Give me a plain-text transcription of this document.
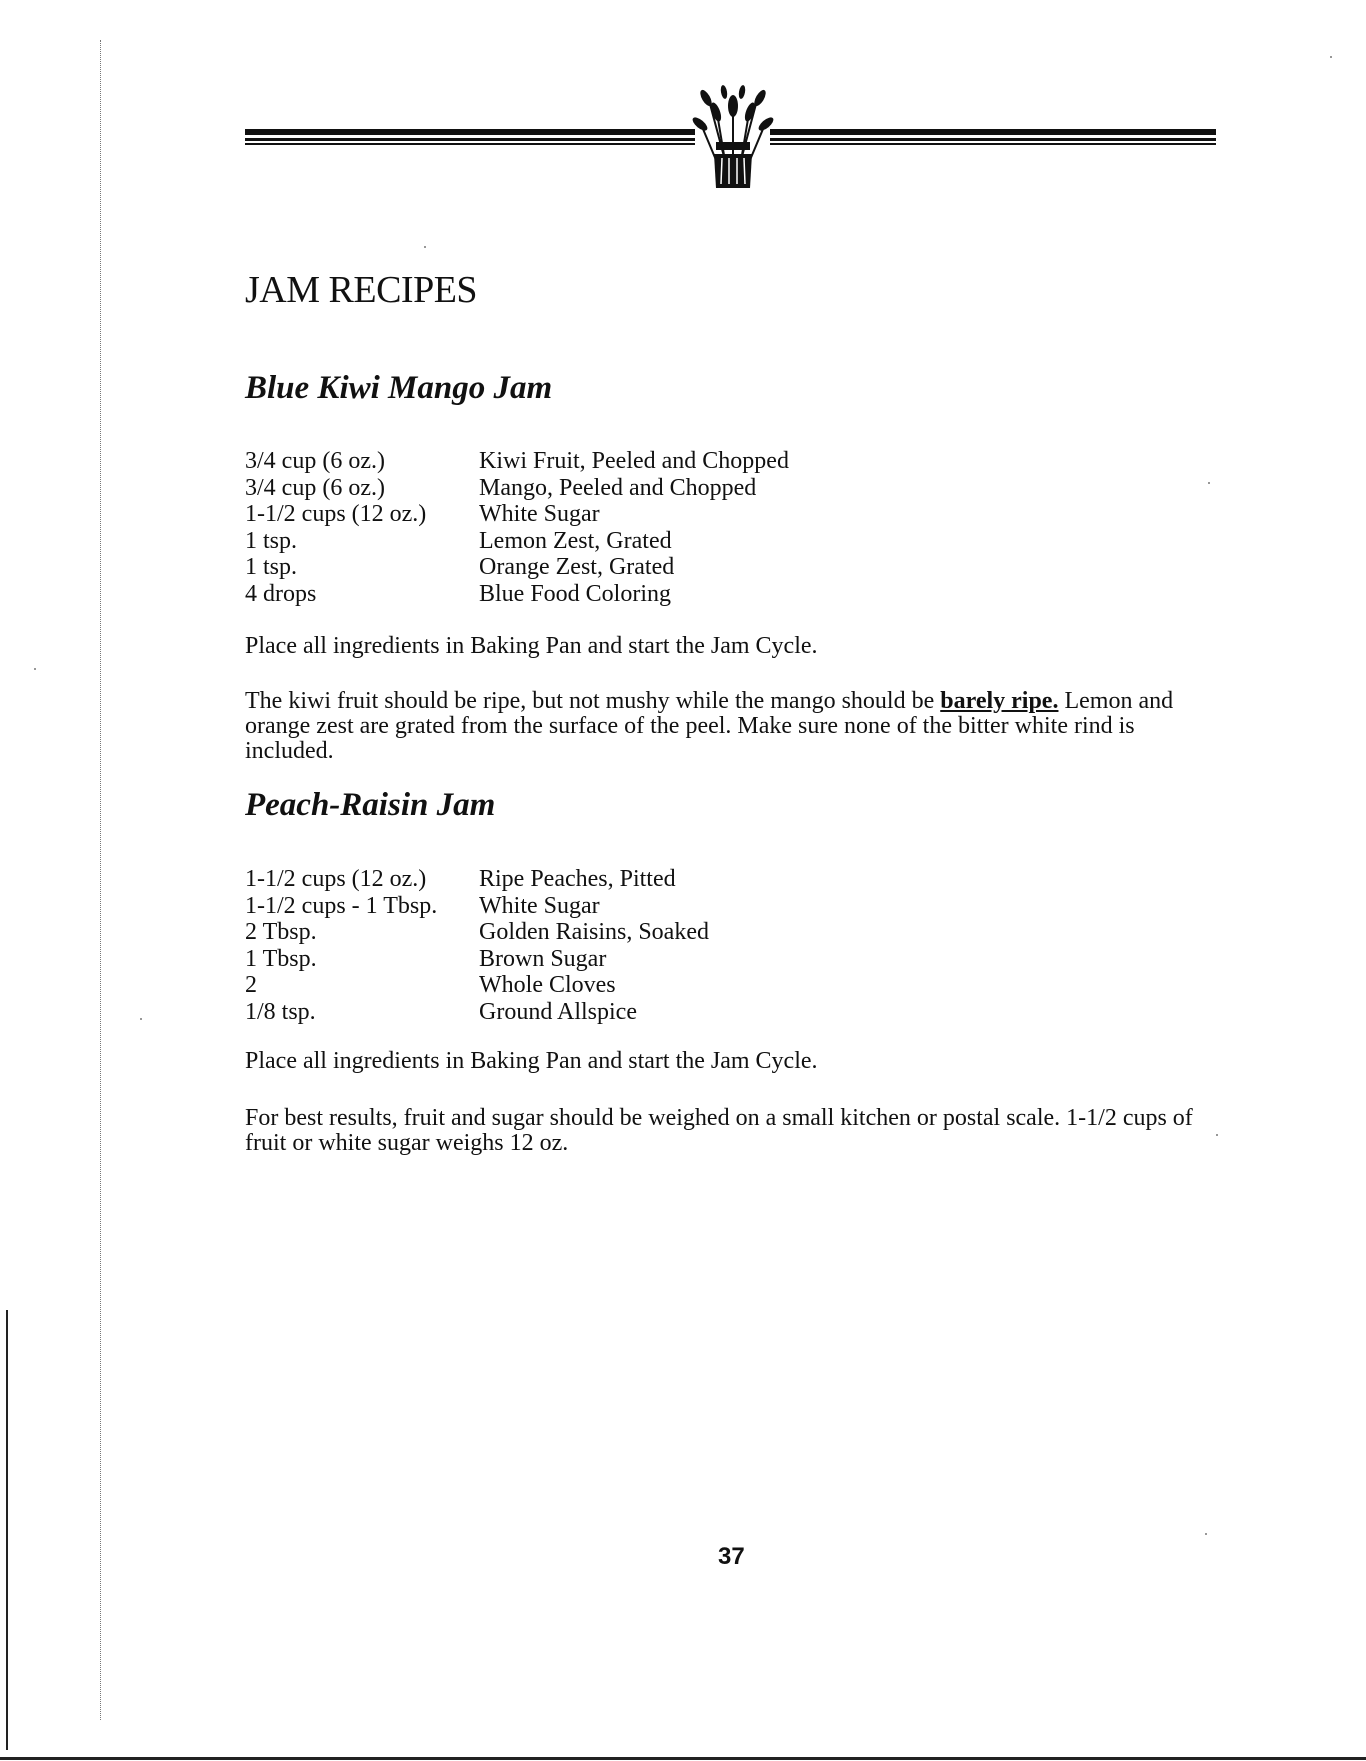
JAM RECIPES
Blue Kiwi Mango Jam
3/4 cup (6 oz.)	Kiwi Fruit, Peeled and Chopped
3/4 cup (6 oz.)	Mango, Peeled and Chopped
1-1/2 cups (12 oz.)	White Sugar
1 tsp.	Lemon Zest, Grated
1 tsp.	Orange Zest, Grated
4 drops	Blue Food Coloring

Place all ingredients in Baking Pan and start the Jam Cycle.

The kiwi fruit should be ripe, but not mushy while the mango should be barely ripe. Lemon and orange zest are grated from the surface of the peel. Make sure none of the bitter white rind is included.

Peach-Raisin Jam
1-1/2 cups (12 oz.)	Ripe Peaches, Pitted
1-1/2 cups - 1 Tbsp.	White Sugar
2 Tbsp.	Golden Raisins, Soaked
1 Tbsp.	Brown Sugar
2	Whole Cloves
1/8 tsp.	Ground Allspice

Place all ingredients in Baking Pan and start the Jam Cycle.

For best results, fruit and sugar should be weighed on a small kitchen or postal scale. 1-1/2 cups of fruit or white sugar weighs 12 oz.

37
